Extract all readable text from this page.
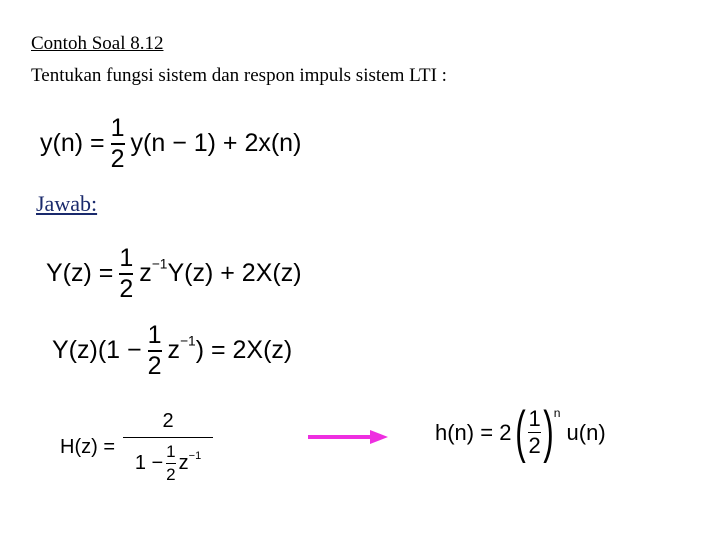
Contoh Soal 8.12
Tentukan fungsi sistem dan respon impuls sistem LTI :
$y(n) = \frac{1}{2} y(n - 1) + 2x(n)$
Jawab:
$Y(z) = \frac{1}{2} z^{-1}$ Y(z) + 2X(z)
$Y(z)(1 - \frac{1}{2} z^{-1}$ ) = 2X(z)
H(z) =
2
1 −
1
2
$z^{-1}$
h(n) = 2 ( $\frac{1}{2}$ ) n
u(n)
